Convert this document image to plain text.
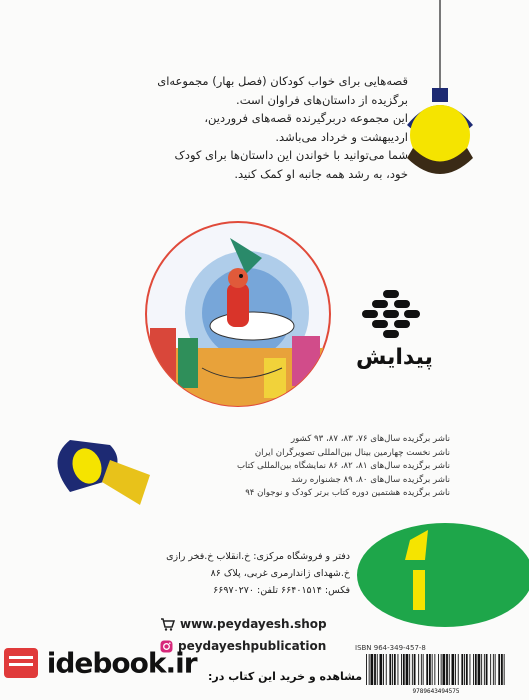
قصه‌هایی برای خواب کودکان (فصل بهار) مجموعه‌ای

برگزیده از داستان‌های فراوان است.

این مجموعه دربرگیرنده قصه‌های فروردین،

اردیبهشت و خرداد می‌باشد.

شما می‌توانید با خواندن این داستان‌ها برای کودک

خود، به رشد همه جانبه او کمک کنید.

پیدایش
ناشر برگزیده سال‌های ۷۶، ۸۳، ۸۷، ۹۳ کشور
ناشر نخست چهارمین بینال بین‌المللی تصویرگران ایران
ناشر برگزیده سال‌های ۸۱، ۸۲، ۸۶ نمایشگاه بین‌المللی کتاب
ناشر برگزیده سال‌های ۸۰، ۸۹ جشنواره رشد
ناشر برگزیده هشتمین دوره کتاب برتر کودک و نوجوان ۹۴
دفتر و فروشگاه مرکزی: خ.انقلاب خ.فخر رازی
خ.شهدای ژاندارمری غربی، پلاک ۸۶
فکس: ۶۶۴۰۱۵۱۴ تلفن: ۶۶۹۷۰۲۷۰
www.peydayesh.shop
peydayeshpublication	ISBN 964-349-457-8
9789643494575
idebook.ir مشاهده و خرید این کتاب در:
